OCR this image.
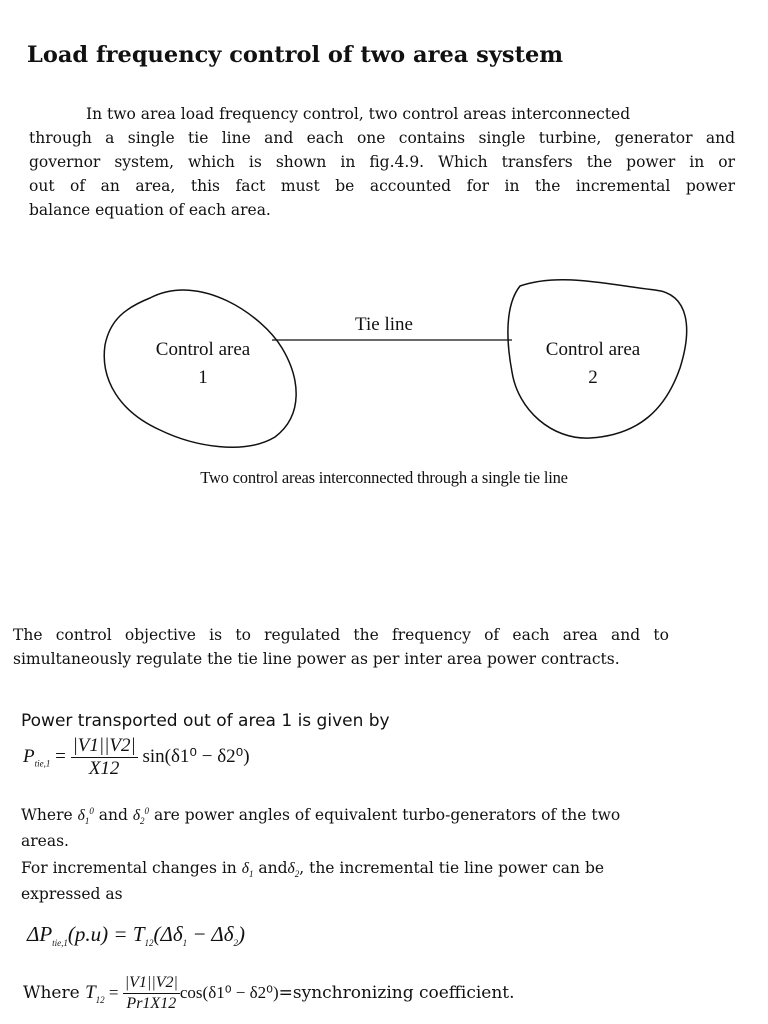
Load frequency control of two area system
In two area load frequency control, two control areas interconnected
through a single tie line and each one contains single turbine, generator and
governor system, which is shown in fig.4.9. Which transfers the power in or
out of an area, this fact must be accounted for in the incremental power
balance equation of each area.
Tie line
Control area
1
Control area
2
Two control areas interconnected through a single tie line
The control objective is to regulated the frequency of each area and to
simultaneously regulate the tie line power as per inter area power contracts.
Power transported out of area 1 is given by
$P_{tie,1} = \frac{|V1||V2|}{X12} \sin(\delta 1^0 - \delta 2^0)$
Where $\delta_1^0$ and $\delta_2^0$ are power angles of equivalent turbo-generators of the two
areas.
For incremental changes in $\delta_1$ andδ$_2$, the incremental tie line power can be
expressed as
$\Delta P_{tie,1}(p.u) = T_{12}(\Delta\delta_1 - \Delta\delta_2)$
Where $T_{12} = \frac{|V1||V2|}{Pr1X12} \cos(\delta 1^0$ − δ2⁰)=synchronizing coefficient.
